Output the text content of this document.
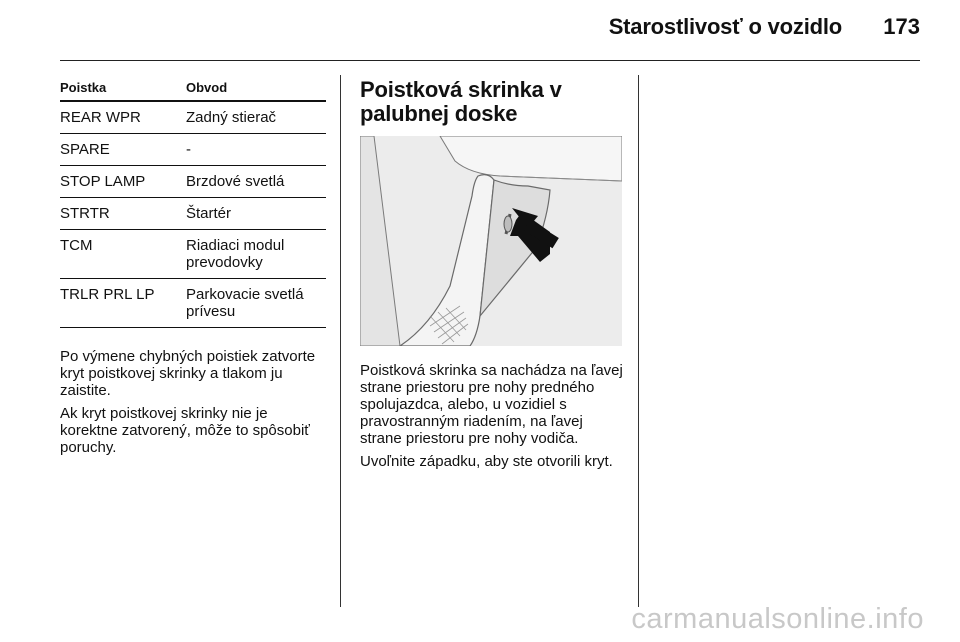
Starostlivosť o vozidlo 173
Poistka	Obvod
REAR WPR	Zadný stierač
SPARE	-
STOP LAMP	Brzdové svetlá
STRTR	Štartér
TCM	Riadiaci modul prevodovky
TRLR PRL LP	Parkovacie svetlá prívesu

Po výmene chybných poistiek zatvorte kryt poistkovej skrinky a tlakom ju zaistite.

Ak kryt poistkovej skrinky nie je korektne zatvorený, môže to spôsobiť poruchy.

Poistková skrinka v palubnej doske

Poistková skrinka sa nachádza na ľavej strane priestoru pre nohy predného spolujazdca, alebo, u vozidiel s pravostranným riadením, na ľavej strane priestoru pre nohy vodiča.

Uvoľnite západku, aby ste otvorili kryt.

carmanualsonline.info
